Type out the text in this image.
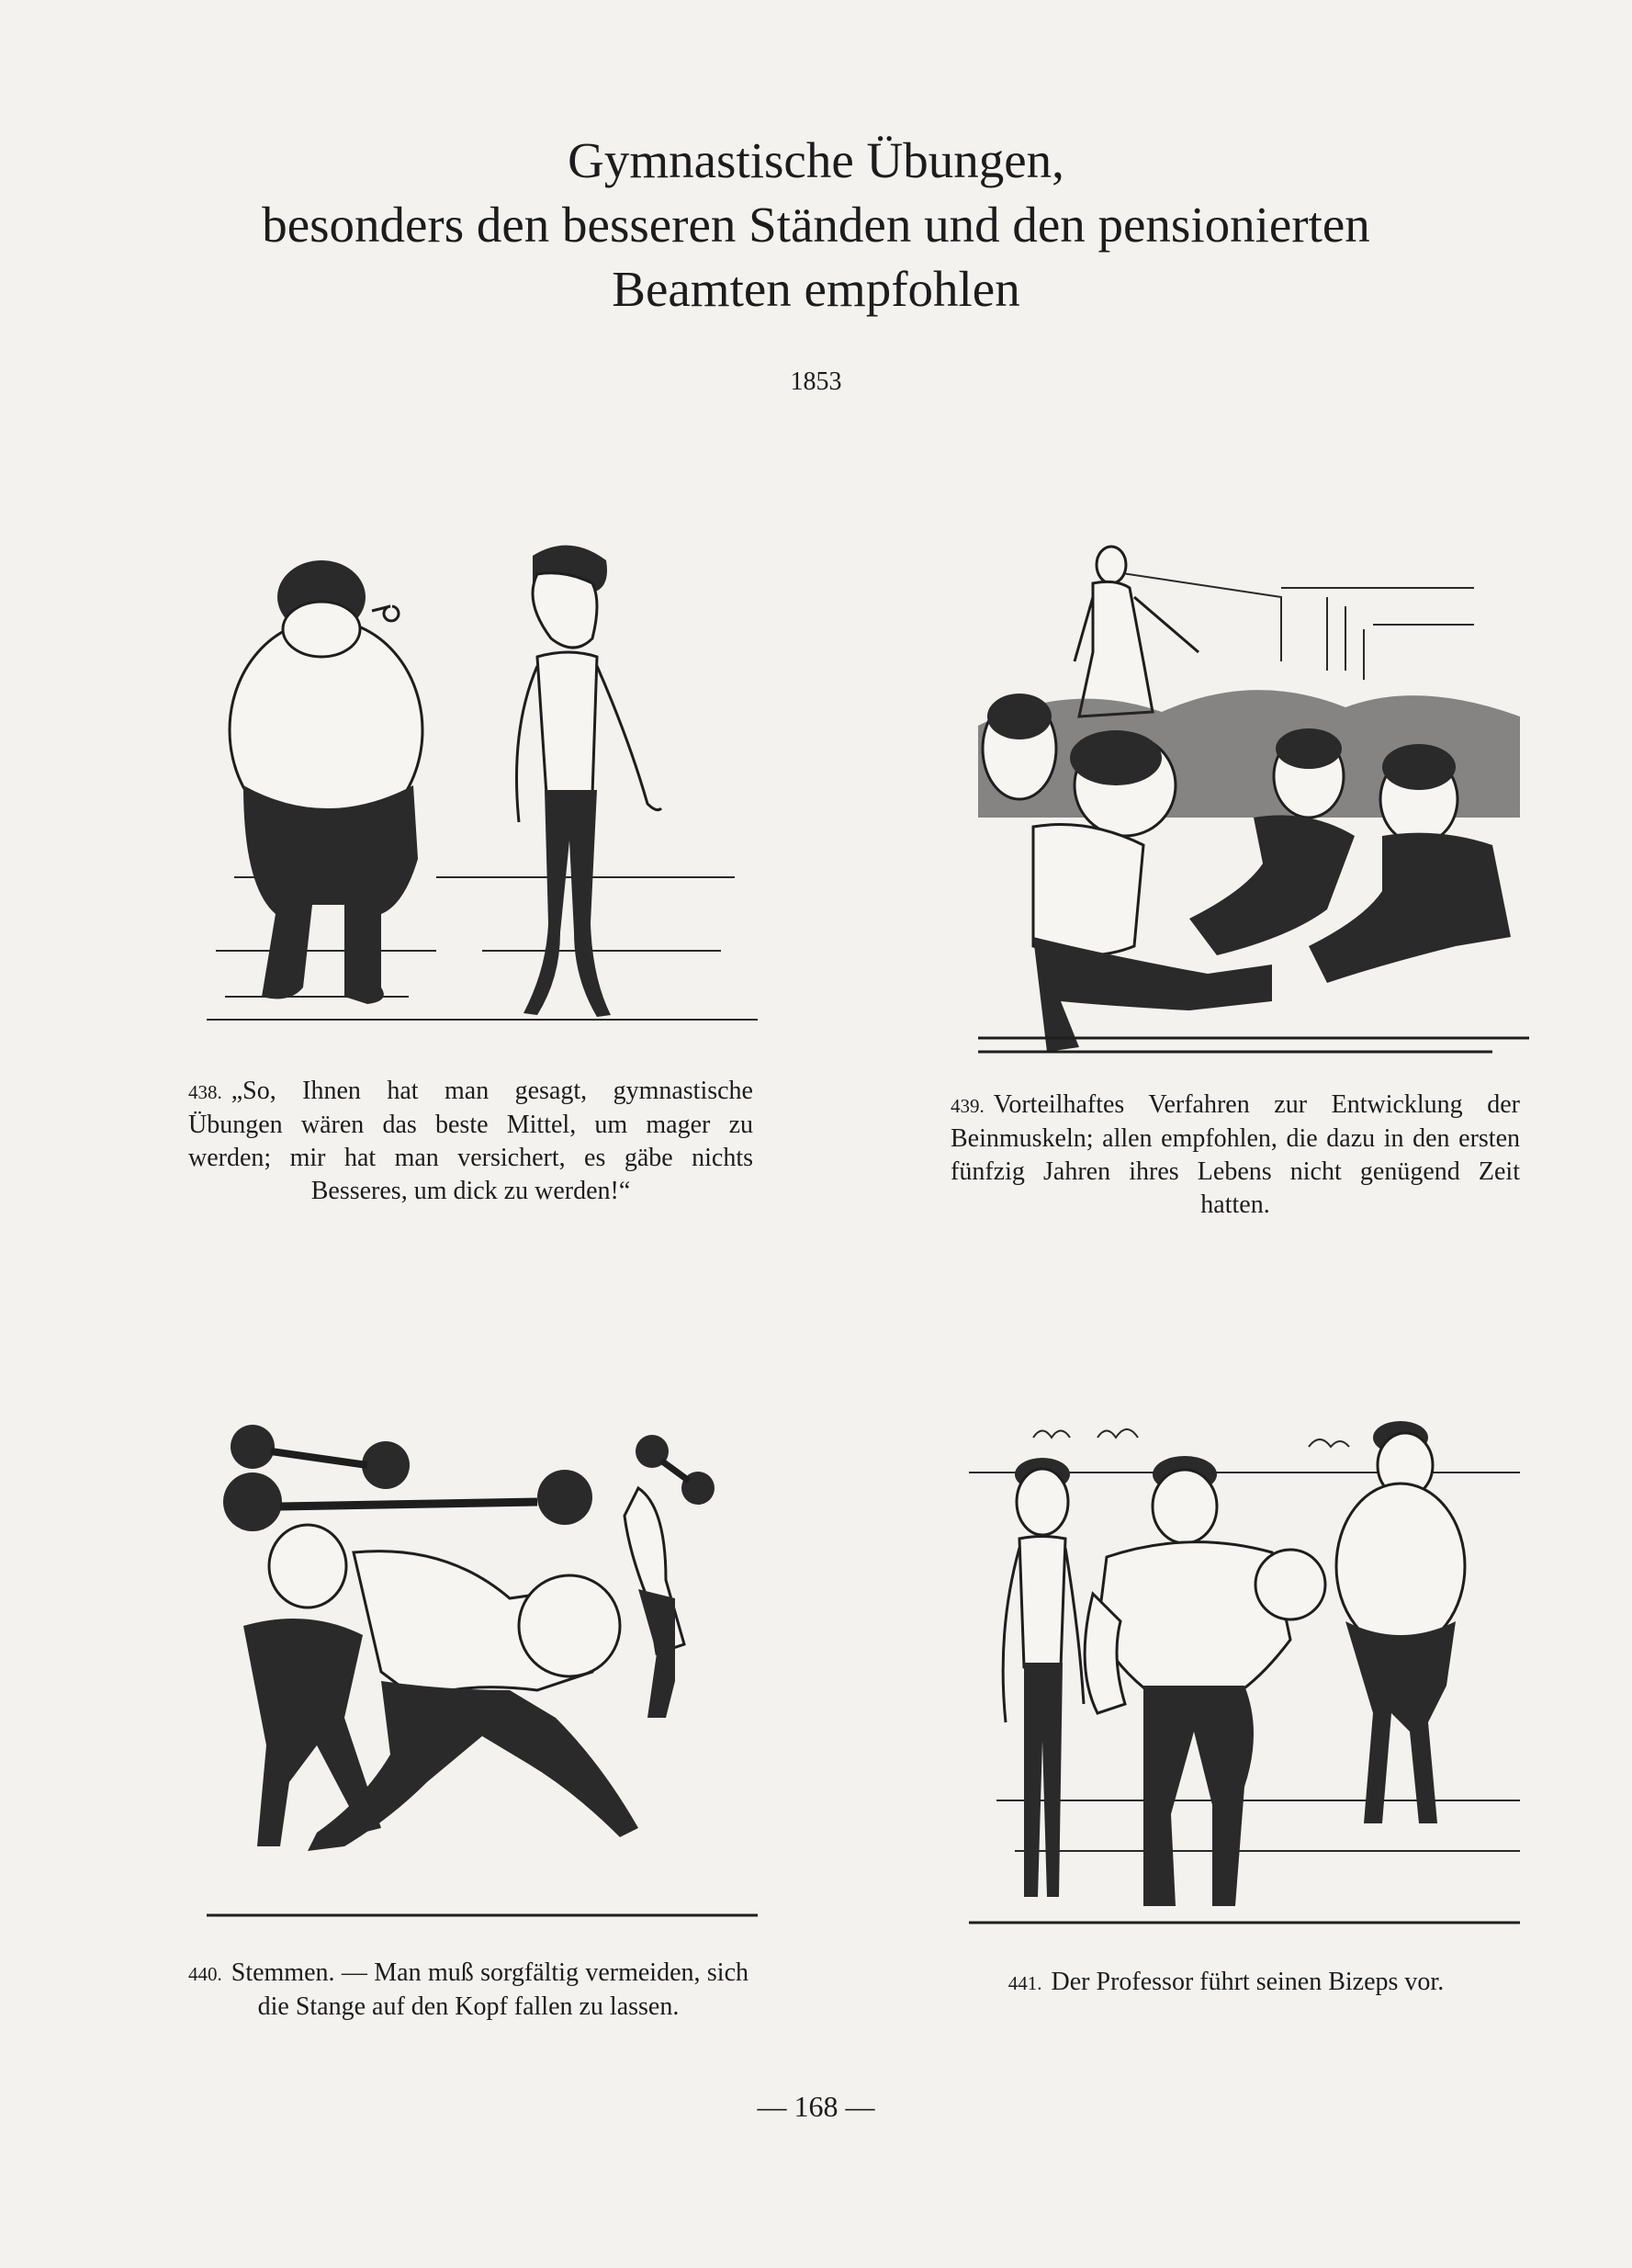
Gymnastische Übungen,
besonders den besseren Ständen und den pensionierten
Beamten empfohlen
1853
438. „So, Ihnen hat man gesagt, gymnastische Übungen wären das beste Mittel, um mager zu werden; mir hat man versichert, es gäbe nichts Besseres, um dick zu werden!“
439. Vorteilhaftes Verfahren zur Entwicklung der Beinmuskeln; allen empfohlen, die dazu in den ersten fünfzig Jahren ihres Lebens nicht genügend Zeit hatten.
440. Stemmen. — Man muß sorgfältig vermeiden, sich die Stange auf den Kopf fallen zu lassen.
441. Der Professor führt seinen Bizeps vor.
— 168 —
